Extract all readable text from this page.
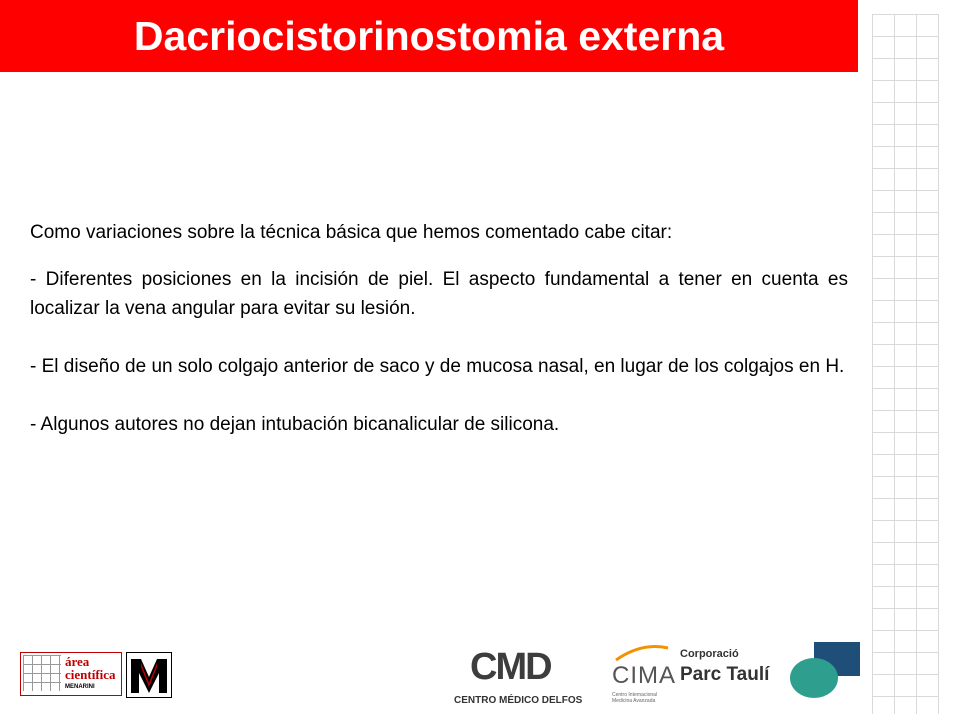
Dacriocistorinostomia externa

Como variaciones sobre la técnica básica que hemos comentado cabe citar:

- Diferentes posiciones en la incisión de piel. El aspecto fundamental a tener en cuenta es localizar la vena angular para evitar su lesión.

- El diseño de un solo colgajo anterior de saco y de mucosa nasal, en lugar de los colgajos en H.

- Algunos autores no dejan intubación bicanalicular de silicona.

área
científica
MENARINI	CMD
CENTRO MÉDICO DELFOS
CIMA
Centro Internacional Medicina Avanzada
Corporació
Parc Taulí
